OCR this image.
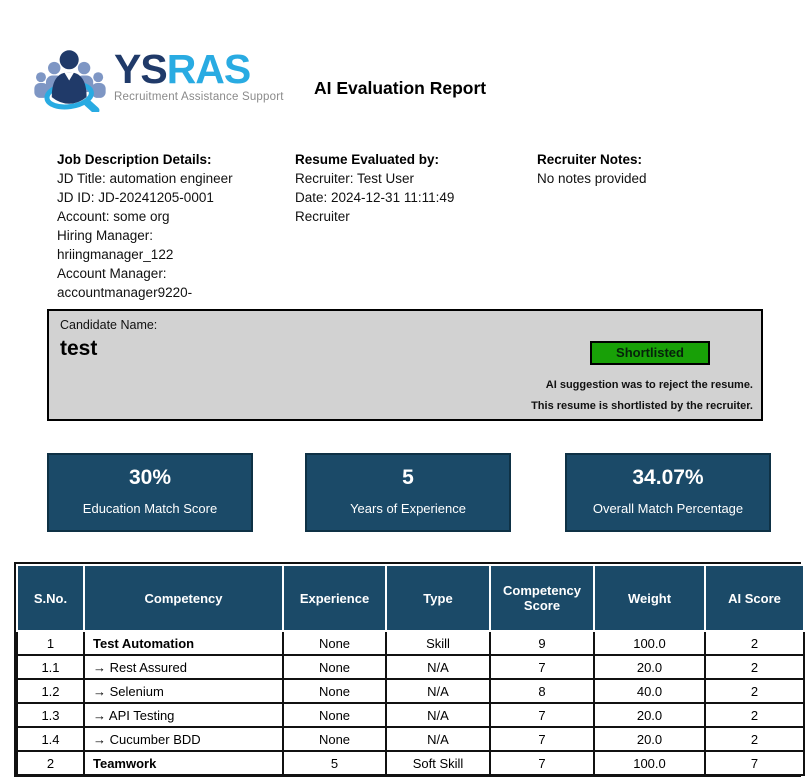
YSRAS
Recruitment Assistance Support AI Evaluation Report
Job Description Details:
JD Title: automation engineer
JD ID: JD-20241205-0001
Account: some org
Hiring Manager:
hriingmanager_122
Account Manager:
accountmanager9220-
Resume Evaluated by:
Recruiter: Test User
Date: 2024-12-31 11:11:49
Recruiter
Recruiter Notes:
No notes provided
Candidate Name:
test	Shortlisted
AI suggestion was to reject the resume.
This resume is shortlisted by the recruiter.
30%
Education Match Score
5
Years of Experience
34.07%
Overall Match Percentage
S.No.	Competency	Experience	Type	Competency Score	Weight	AI Score
1	Test Automation	None	Skill	9	100.0	2
1.1	→ Rest Assured	None	N/A	7	20.0	2
1.2	→ Selenium	None	N/A	8	40.0	2
1.3	→ API Testing	None	N/A	7	20.0	2
1.4	→ Cucumber BDD	None	N/A	7	20.0	2
2	Teamwork	5	Soft Skill	7	100.0	7
